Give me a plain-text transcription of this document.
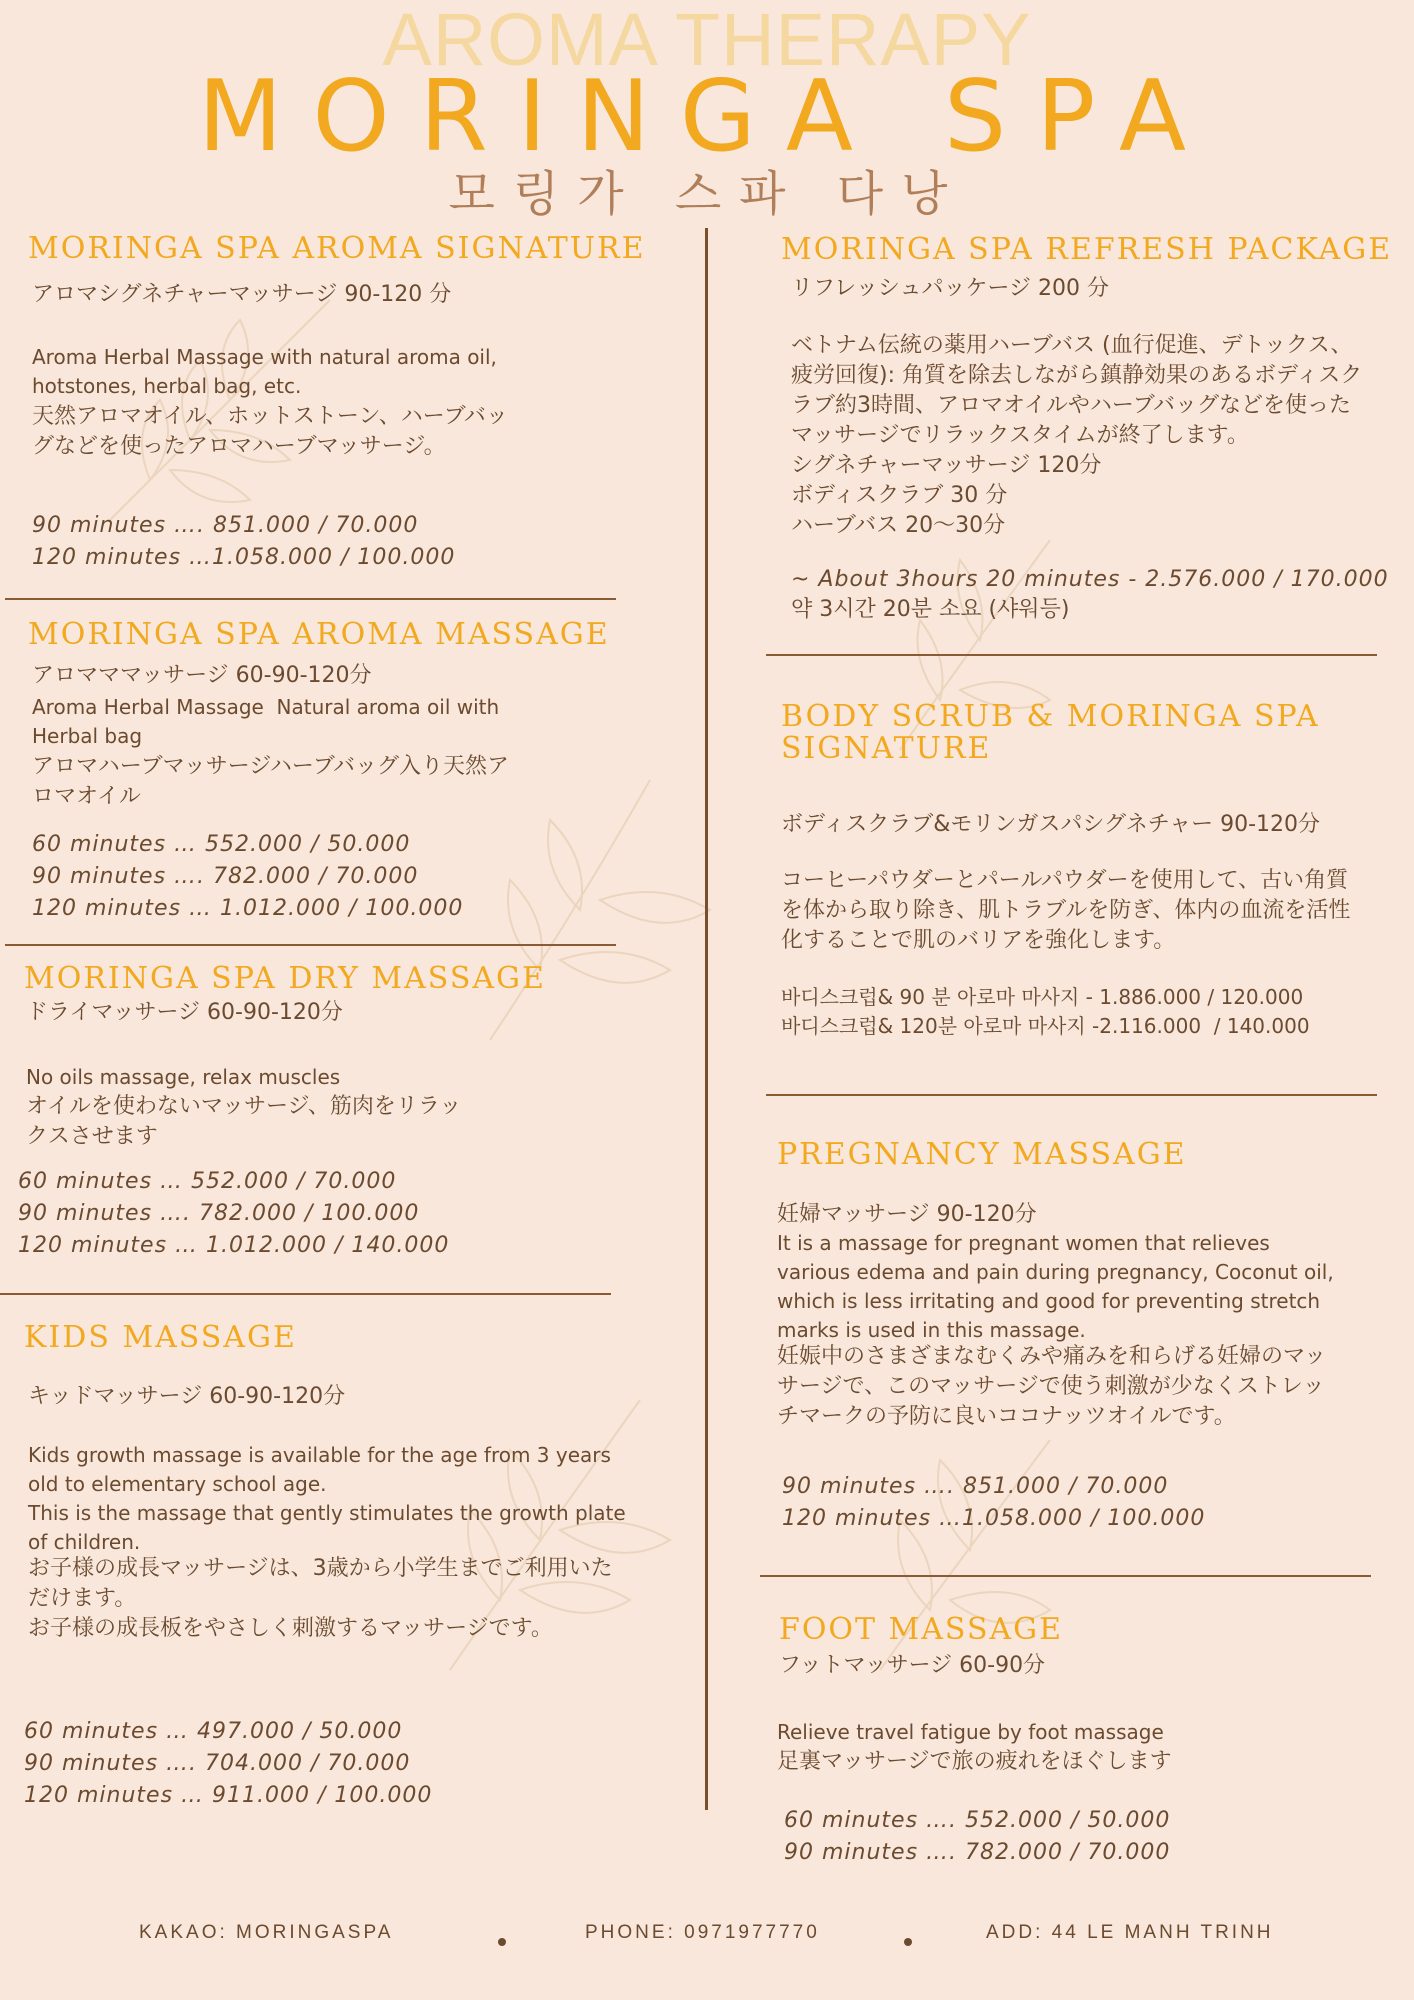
AROMA THERAPY
MORINGA SPA
모링가 스파 다낭
MORINGA SPA AROMA SIGNATURE
アロマシグネチャーマッサージ 90-120 分
Aroma Herbal Massage with natural aroma oil,
hotstones, herbal bag, etc.
天然アロマオイル、ホットストーン、ハーブバッ
グなどを使ったアロマハーブマッサージ。
90 minutes …. 851.000 / 70.000
120 minutes …1.058.000 / 100.000
MORINGA SPA AROMA MASSAGE
アロマママッサージ 60-90-120分
Aroma Herbal Massage  Natural aroma oil with
Herbal bag
アロマハーブマッサージハーブバッグ入り天然ア
ロマオイル
60 minutes … 552.000 / 50.000
90 minutes …. 782.000 / 70.000
120 minutes … 1.012.000 / 100.000
MORINGA SPA DRY MASSAGE
ドライマッサージ 60-90-120分
No oils massage, relax muscles
オイルを使わないマッサージ、筋肉をリラッ
クスさせます
60 minutes … 552.000 / 70.000
90 minutes …. 782.000 / 100.000
120 minutes … 1.012.000 / 140.000
KIDS MASSAGE
キッドマッサージ 60-90-120分
Kids growth massage is available for the age from 3 years
old to elementary school age.
This is the massage that gently stimulates the growth plate
of children.
お子様の成長マッサージは、3歳から小学生までご利用いた
だけます。
お子様の成長板をやさしく刺激するマッサージです。
60 minutes … 497.000 / 50.000
90 minutes …. 704.000 / 70.000
120 minutes … 911.000 / 100.000
MORINGA SPA REFRESH PACKAGE
リフレッシュパッケージ 200 分
ベトナム伝統の薬用ハーブバス (血行促進、デトックス、
疲労回復): 角質を除去しながら鎮静効果のあるボディスク
ラブ約3時間、アロマオイルやハーブバッグなどを使った
マッサージでリラックスタイムが終了します。
シグネチャーマッサージ 120分
ボディスクラブ 30 分
ハーブバス 20〜30分
~ About 3hours 20 minutes - 2.576.000 / 170.000
약 3시간 20분 소요 (샤워등)
BODY SCRUB & MORINGA SPA
SIGNATURE
ボディスクラブ&モリンガスパシグネチャー 90-120分
コーヒーパウダーとパールパウダーを使用して、古い角質
を体から取り除き、肌トラブルを防ぎ、体内の血流を活性
化することで肌のバリアを強化します。
바디스크럽& 90 분 아로마 마사지 - 1.886.000 / 120.000
바디스크럽& 120분 아로마 마사지 -2.116.000  / 140.000
PREGNANCY MASSAGE
妊婦マッサージ 90-120分
It is a massage for pregnant women that relieves
various edema and pain during pregnancy, Coconut oil,
which is less irritating and good for preventing stretch
marks is used in this massage.
妊娠中のさまざまなむくみや痛みを和らげる妊婦のマッ
サージで、このマッサージで使う刺激が少なくストレッ
チマークの予防に良いココナッツオイルです。
90 minutes …. 851.000 / 70.000
120 minutes …1.058.000 / 100.000
FOOT MASSAGE
フットマッサージ 60-90分
Relieve travel fatigue by foot massage
足裏マッサージで旅の疲れをほぐします
60 minutes …. 552.000 / 50.000
90 minutes …. 782.000 / 70.000
KAKAO: MORINGASPA	PHONE: 0971977770	ADD: 44 LE MANH TRINH
